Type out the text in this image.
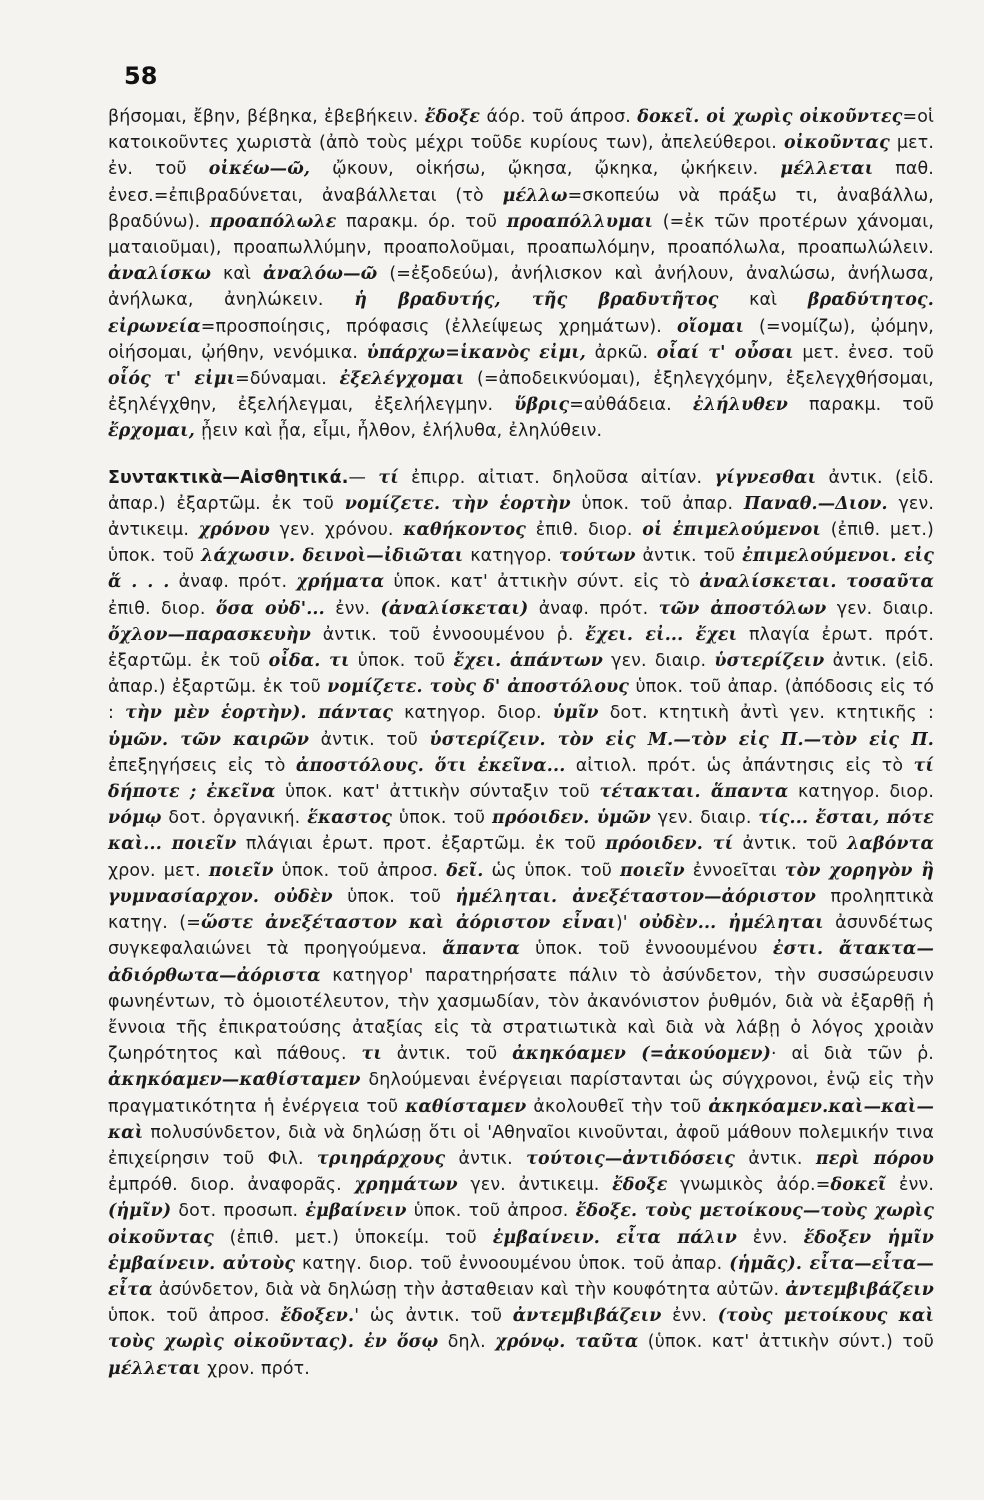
58

βήσομαι, ἔβην, βέβηκα, ἐβεβήκειν. ἔδοξε άόρ. τοῦ άπροσ. δοκεῖ. οἱ χωρὶς οἰκοῦντες=οἱ κατοικοῦντες χωριστὰ (ἀπὸ τοὺς μέχρι τοῦδε κυρίους των), ἀπελεύθεροι. οἰκοῦντας μετ. ἐν. τοῦ οἰκέω—ῶ, ᾤκουν, οἰκήσω, ᾤκησα, ᾤκηκα, ᾠκήκειν. μέλλεται παθ. ἐνεσ.=ἐπιβραδύνεται, ἀναβάλλεται (τὸ μέλλω=σκοπεύω νὰ πράξω τι, ἀναβάλλω, βραδύνω). προαπόλωλε παρακμ. όρ. τοῦ προαπόλλυμαι (=ἐκ τῶν προτέρων χάνομαι, ματαιοῦμαι), προαπωλλύμην, προαπολοῦμαι, προαπωλόμην, προαπόλωλα, προαπωλώλειν. ἀναλίσκω καὶ ἀναλόω—ῶ (=ἐξοδεύω), ἀνήλισκον καὶ ἀνήλουν, ἀναλώσω, ἀνήλωσα, ἀνήλωκα, ἀνηλώκειν. ἡ βραδυτής, τῆς βραδυτῆτος καὶ βραδύτητος. εἰρωνεία=προσποίησις, πρόφασις (ἐλλείψεως χρημάτων). οἴομαι (=νομίζω), ᾠόμην, οἰήσομαι, ᾠήθην, νενόμικα. ὑπάρχω=ἱκανὸς εἰμι, ἀρκῶ. οἷαί τ' οὖσαι μετ. ἐνεσ. τοῦ οἷός τ' εἰμι=δύναμαι. ἐξελέγχομαι (=ἀποδεικνύομαι), ἐξηλεγχόμην, ἐξελεγχθήσομαι, ἐξηλέγχθην, ἐξελήλεγμαι, ἐξελήλεγμην. ὕβρις=αὐθάδεια. ἐλήλυθεν παρακμ. τοῦ ἔρχομαι, ᾖειν καὶ ᾖα, εἶμι, ἦλθον, ἐλήλυθα, ἐληλύθειν.

Συντακτικὰ—Αἰσθητικά.— τί ἐπιρρ. αἰτιατ. δηλοῦσα αἰτίαν. γίγνεσθαι ἀντικ. (εἰδ. ἀπαρ.) ἐξαρτῶμ. ἐκ τοῦ νομίζετε. τὴν ἑορτὴν ὑποκ. τοῦ ἀπαρ. Παναθ.—Διον. γεν. ἀντικειμ. χρόνου γεν. χρόνου. καθήκοντος ἐπιθ. διορ. οἱ ἐπιμελούμενοι (ἐπιθ. μετ.) ὑποκ. τοῦ λάχωσιν. δεινοὶ—ἰδιῶται κατηγορ. τούτων ἀντικ. τοῦ ἐπιμελούμενοι. εἰς ἅ . . . ἀναφ. πρότ. χρήματα ὑποκ. κατ' ἀττικὴν σύντ. εἰς τὸ ἀναλίσκεται. τοσαῦτα ἐπιθ. διορ. ὅσα οὐδ'... ἐνν. (ἀναλίσκεται) ἀναφ. πρότ. τῶν ἀποστόλων γεν. διαιρ. ὄχλον—παρασκευὴν ἀντικ. τοῦ ἐννοουμένου ῥ. ἔχει. εἰ... ἔχει πλαγία ἐρωτ. πρότ. ἐξαρτῶμ. ἐκ τοῦ οἶδα. τι ὑποκ. τοῦ ἔχει. ἁπάντων γεν. διαιρ. ὑστερίζειν ἀντικ. (εἰδ. ἀπαρ.) ἐξαρτῶμ. ἐκ τοῦ νομίζετε. τοὺς δ' ἀποστόλους ὑποκ. τοῦ ἀπαρ. (ἀπόδοσις εἰς τό : τὴν μὲν ἑορτὴν). πάντας κατηγορ. διορ. ὑμῖν δοτ. κτητικὴ ἀντὶ γεν. κτητικῆς : ὑμῶν. τῶν καιρῶν ἀντικ. τοῦ ὑστερίζειν. τὸν εἰς Μ.—τὸν εἰς Π.—τὸν εἰς Π. ἐπεξηγήσεις εἰς τὸ ἀποστόλους. ὅτι ἐκεῖνα... αἰτιολ. πρότ. ὡς ἀπάντησις εἰς τὸ τί δήποτε ; ἐκεῖνα ὑποκ. κατ' ἀττικὴν σύνταξιν τοῦ τέτακται. ἅπαντα κατηγορ. διορ. νόμῳ δοτ. ὀργανική. ἕκαστος ὑποκ. τοῦ πρόοιδεν. ὑμῶν γεν. διαιρ. τίς... ἔσται, πότε καὶ... ποιεῖν πλάγιαι ἐρωτ. προτ. ἐξαρτῶμ. ἐκ τοῦ πρόοιδεν. τί ἀντικ. τοῦ λαβόντα χρον. μετ. ποιεῖν ὑποκ. τοῦ ἀπροσ. δεῖ. ὡς ὑποκ. τοῦ ποιεῖν ἐννοεῖται τὸν χορηγὸν ἢ γυμνασίαρχον. οὐδὲν ὑποκ. τοῦ ἠμέληται. ἀνεξέταστον—ἀόριστον προληπτικὰ κατηγ. (=ὥστε ἀνεξέταστον καὶ ἀόριστον εἶναι)' οὐδὲν... ἠμέληται ἀσυνδέτως συγκεφαλαιώνει τὰ προηγούμενα. ἅπαντα ὑποκ. τοῦ ἐννοουμένου ἐστι. ἄτακτα—ἀδιόρθωτα—ἀόριστα κατηγορ' παρατηρήσατε πάλιν τὸ ἀσύνδετον, τὴν συσσώρευσιν φωνηέντων, τὸ ὁμοιοτέλευτον, τὴν χασμωδίαν, τὸν ἀκανόνιστον ῥυθμόν, διὰ νὰ ἐξαρθῇ ἡ ἔννοια τῆς ἐπικρατούσης ἀταξίας εἰς τὰ στρατιωτικὰ καὶ διὰ νὰ λάβῃ ὁ λόγος χροιὰν ζωηρότητος καὶ πάθους. τι ἀντικ. τοῦ ἀκηκόαμεν (=ἀκούομεν)· αἱ διὰ τῶν ῥ. ἀκηκόαμεν—καθίσταμεν δηλούμεναι ἐνέργειαι παρίστανται ὡς σύγχρονοι, ἐνῷ εἰς τὴν πραγματικότητα ἡ ἐνέργεια τοῦ καθίσταμεν ἀκολουθεῖ τὴν τοῦ ἀκηκόαμεν.καὶ—καὶ—καὶ πολυσύνδετον, διὰ νὰ δηλώσῃ ὅτι οἱ 'Αθηναῖοι κινοῦνται, ἀφοῦ μάθουν πολεμικήν τινα ἐπιχείρησιν τοῦ Φιλ. τριηράρχους ἀντικ. τούτοις—ἀντιδόσεις ἀντικ. περὶ πόρου ἐμπρόθ. διορ. ἀναφορᾶς. χρημάτων γεν. ἀντικειμ. ἔδοξε γνωμικὸς ἀόρ.=δοκεῖ ἐνν. (ἡμῖν) δοτ. προσωπ. ἐμβαίνειν ὑποκ. τοῦ ἀπροσ. ἔδοξε. τοὺς μετοίκους—τοὺς χωρὶς οἰκοῦντας (ἐπιθ. μετ.) ὑποκείμ. τοῦ ἐμβαίνειν. εἶτα πάλιν ἐνν. ἔδοξεν ἡμῖν ἐμβαίνειν. αὐτοὺς κατηγ. διορ. τοῦ ἐννοουμένου ὑποκ. τοῦ ἀπαρ. (ἡμᾶς). εἶτα—εἶτα—εἶτα ἀσύνδετον, διὰ νὰ δηλώσῃ τὴν ἀσταθειαν καὶ τὴν κουφότητα αὐτῶν. ἀντεμβιβάζειν ὑποκ. τοῦ ἀπροσ. ἔδοξεν.' ὡς ἀντικ. τοῦ ἀντεμβιβάζειν ἐνν. (τοὺς μετοίκους καὶ τοὺς χωρὶς οἰκοῦντας). ἐν ὅσῳ δηλ. χρόνῳ. ταῦτα (ὑποκ. κατ' ἀττικὴν σύντ.) τοῦ μέλλεται χρον. πρότ.
